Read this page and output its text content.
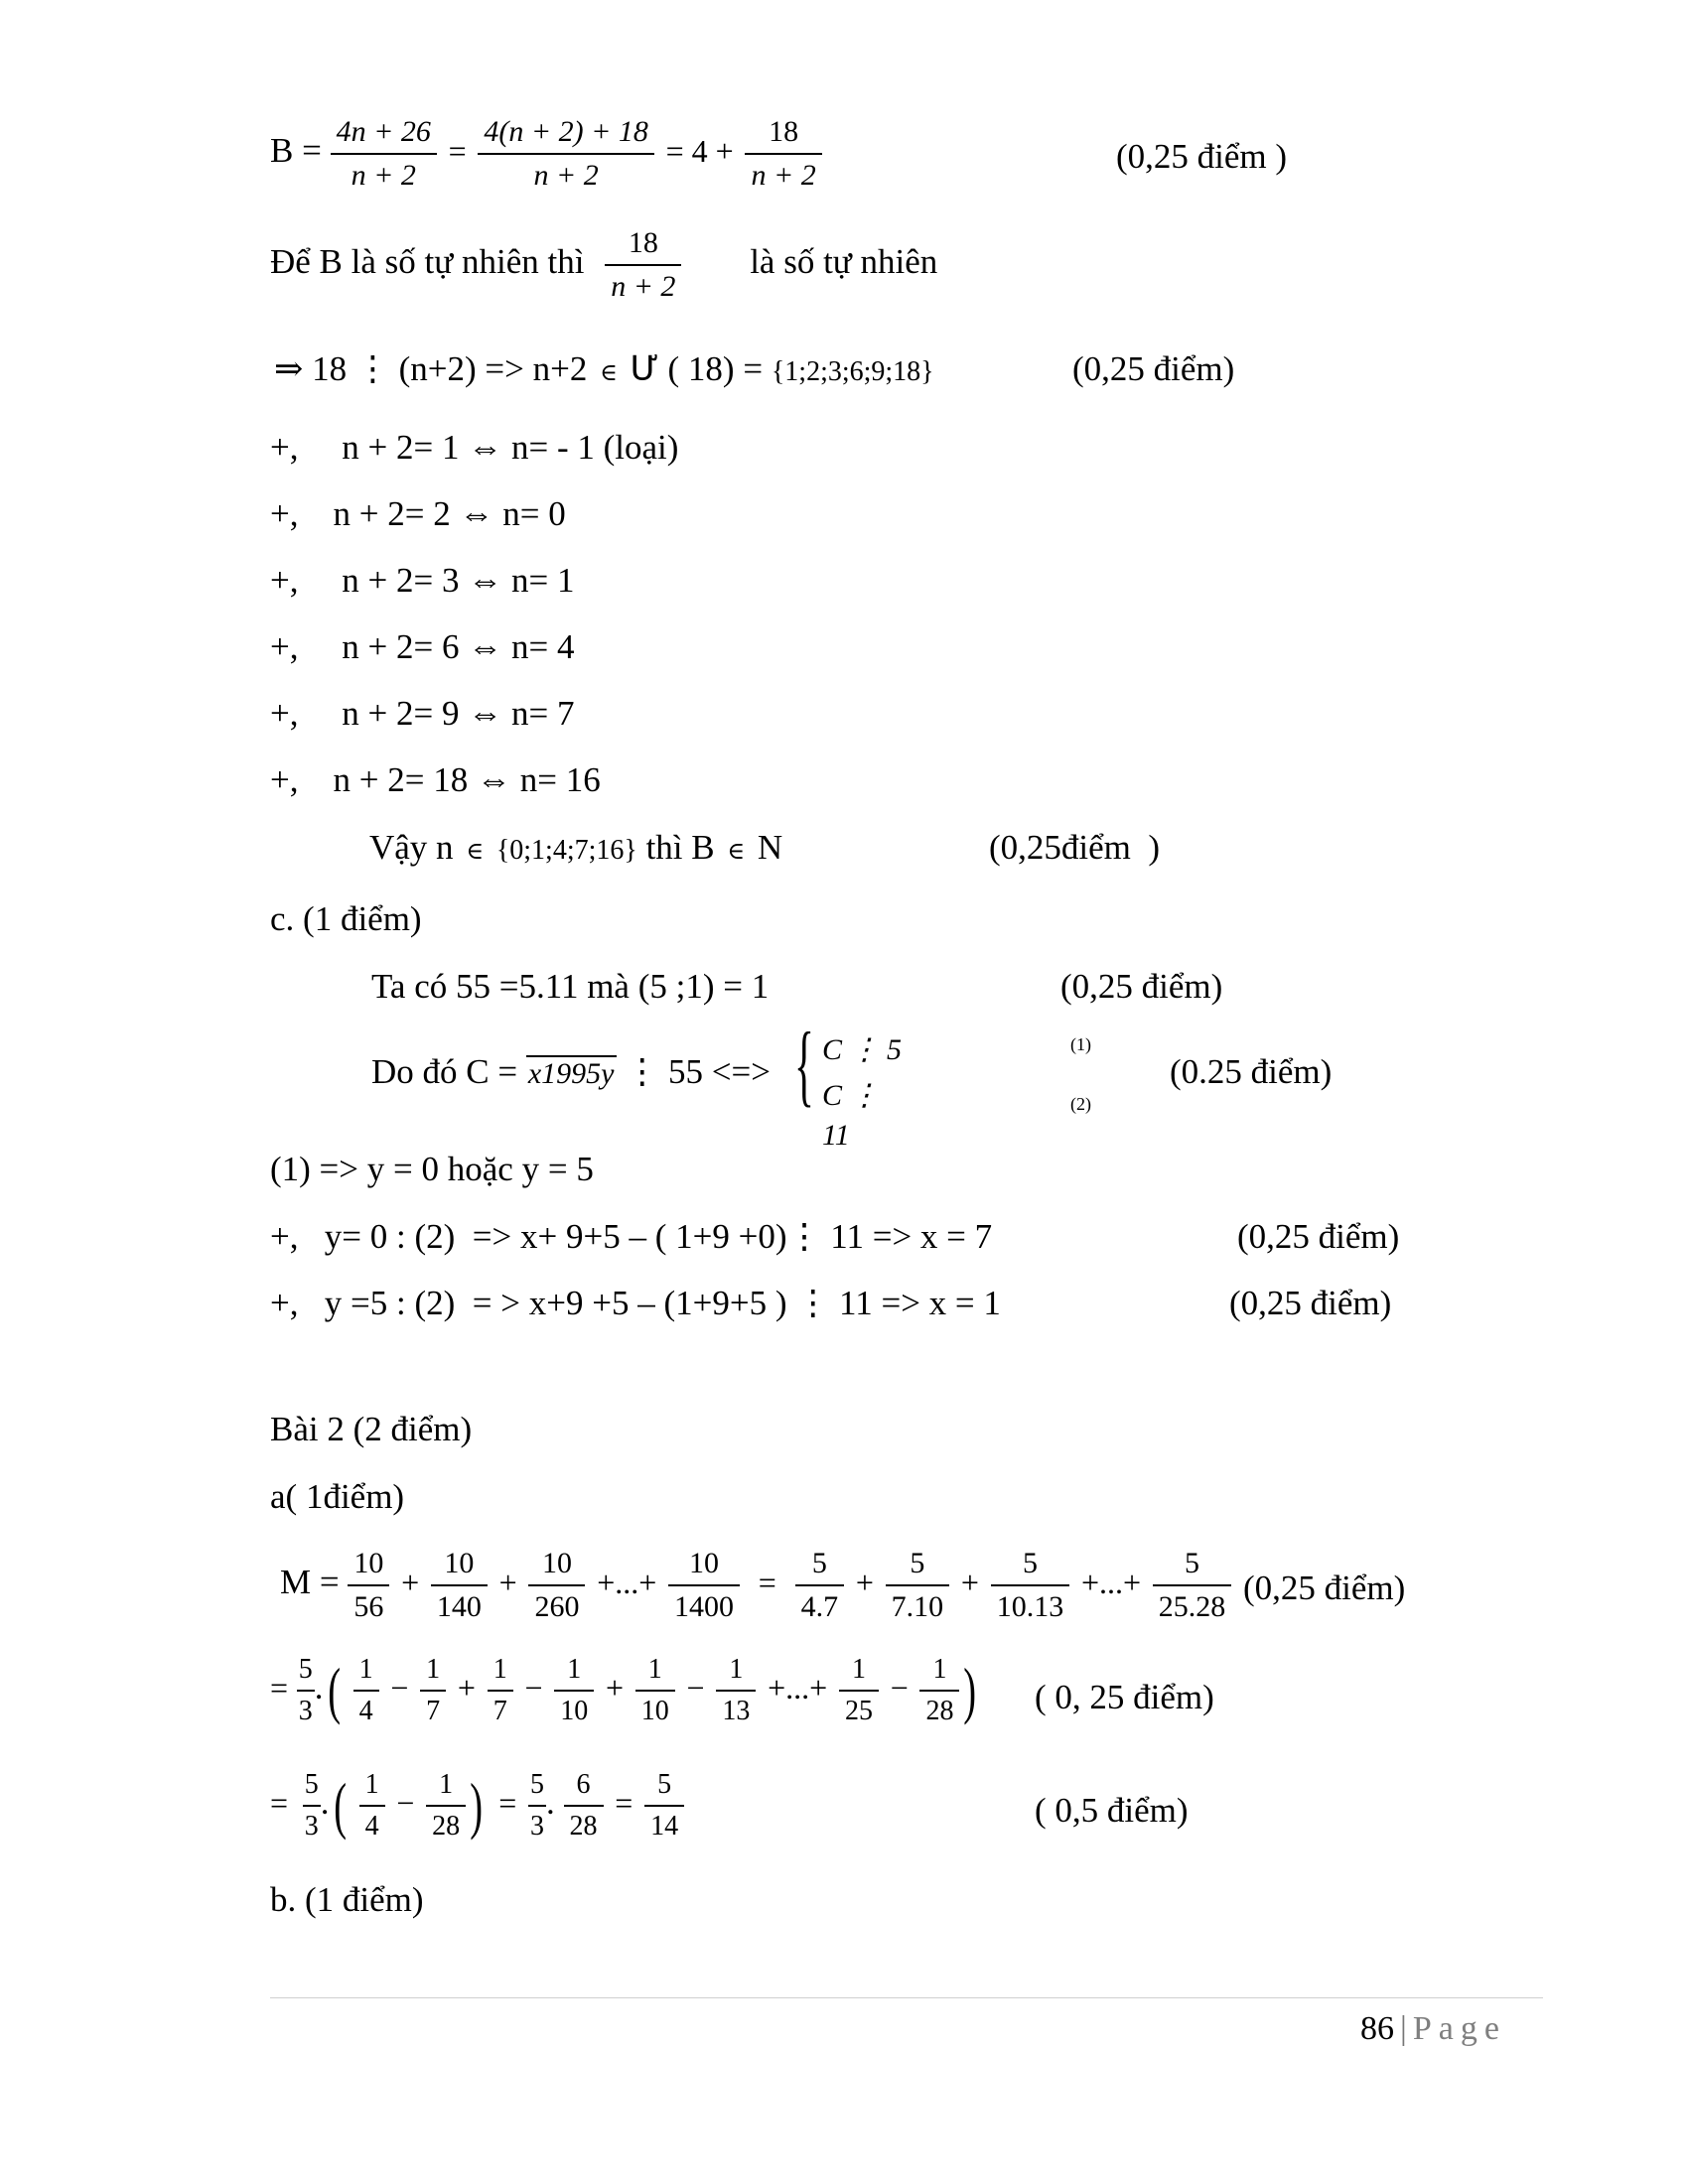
$B = \frac{4n + 26}{n + 2} = \frac{4(n + 2) + 18}{n + 2} = 4 + \frac{18}{n + 2}$	(0,25 điểm )
Để B là số tự nhiên thì $\frac{18}{n + 2}$ là số tự nhiên
⇒ 18 ⋮ (n+2) => n+2 ∈ Ư ( 18) = {1;2;3;6;9;18}	(0,25 điểm)
+,     n + 2= 1 ⇔ n= - 1 (loại)
+,    n + 2= 2 ⇔ n= 0
+,     n + 2= 3 ⇔ n= 1
+,     n + 2= 6 ⇔ n= 4
+,     n + 2= 9 ⇔ n= 7
+,    n + 2= 18 ⇔ n= 16
Vậy n ∈ {0;1;4;7;16} thì B ∈ N	(0,25điểm  )
c. (1 điểm)
Ta có 55 =5.11 mà (5 ;1) = 1	(0,25 điểm)
Do đó C = x1995y ⋮ 55 <=> { C ⋮ 5
C ⋮ 11
(1)
(2)
(0.25 điểm)
(1) => y = 0 hoặc y = 5
+,   y= 0 : (2)  => x+ 9+5 – ( 1+9 +0)⋮ 11 => x = 7	(0,25 điểm)
+,   y =5 : (2)  = > x+9 +5 – (1+9+5 ) ⋮ 11 => x = 1	(0,25 điểm)
Bài 2 (2 điểm)
a( 1điểm)
$M = \frac{10}{56} + \frac{10}{140} + \frac{10}{260}$ +...+ $\frac{10}{1400} = \frac{5}{4.7} + \frac{5}{7.10} + \frac{5}{10.13}$ +...+ $\frac{5}{25.28} (0,25$ điểm)
= $\frac{5}{3}$ .( $\frac{1}{4} - \frac{1}{7} + \frac{1}{7} - \frac{1}{10} + \frac{1}{10} - \frac{1}{13}$ +...+ $\frac{1}{25} - \frac{1}{28}$ ) ( 0, 25 điểm)
= $\frac{5}{3}$ .( $\frac{1}{4} - \frac{1}{28}$ ) = $\frac{5}{3}$ . $\frac{6}{28} = \frac{5}{14}$	( 0,5 điểm)
b. (1 điểm)
86 | Page
